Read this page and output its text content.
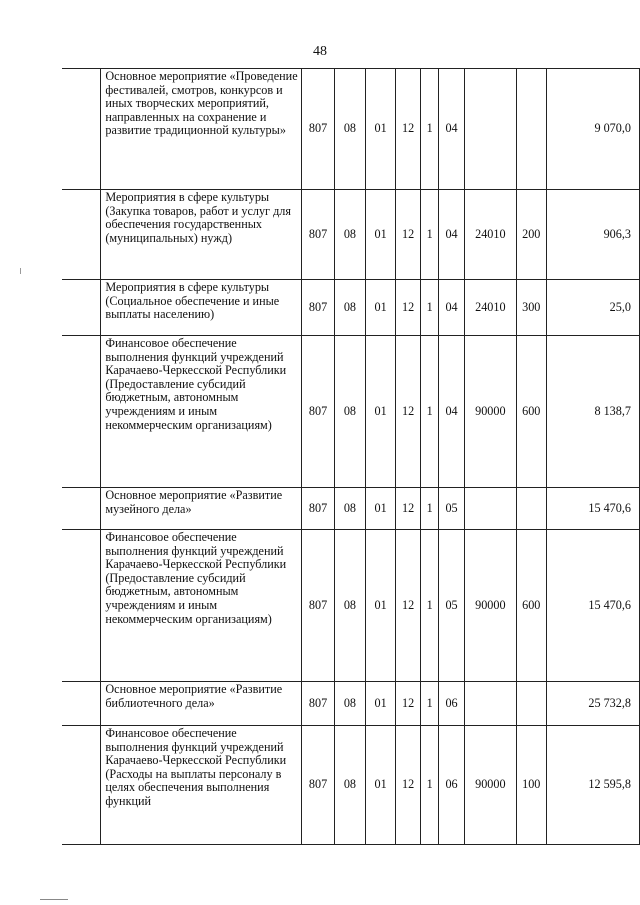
48
	Основное мероприятие «Проведение фестивалей, смотров, конкурсов и иных творческих мероприятий, направленных на сохранение и развитие традиционной культуры»	807	08	01	12	1	04			9 070,0
	Мероприятия в сфере культуры (Закупка товаров, работ и услуг для обеспечения государственных (муниципальных) нужд)	807	08	01	12	1	04	24010	200	906,3
	Мероприятия в сфере культуры (Социальное обеспечение и иные выплаты населению)	807	08	01	12	1	04	24010	300	25,0
	Финансовое обеспечение выполнения функций учреждений Карачаево-Черкесской Республики (Предоставление субсидий бюджетным, автономным учреждениям и иным некоммерческим организациям)	807	08	01	12	1	04	90000	600	8 138,7
	Основное мероприятие «Развитие музейного дела»	807	08	01	12	1	05			15 470,6
	Финансовое обеспечение выполнения функций учреждений Карачаево-Черкесской Республики (Предоставление субсидий бюджетным, автономным учреждениям и иным некоммерческим организациям)	807	08	01	12	1	05	90000	600	15 470,6
	Основное мероприятие «Развитие библиотечного дела»	807	08	01	12	1	06			25 732,8
	Финансовое обеспечение выполнения функций учреждений Карачаево-Черкесской Республики (Расходы на выплаты персоналу в целях обеспечения выполнения функций	807	08	01	12	1	06	90000	100	12 595,8
